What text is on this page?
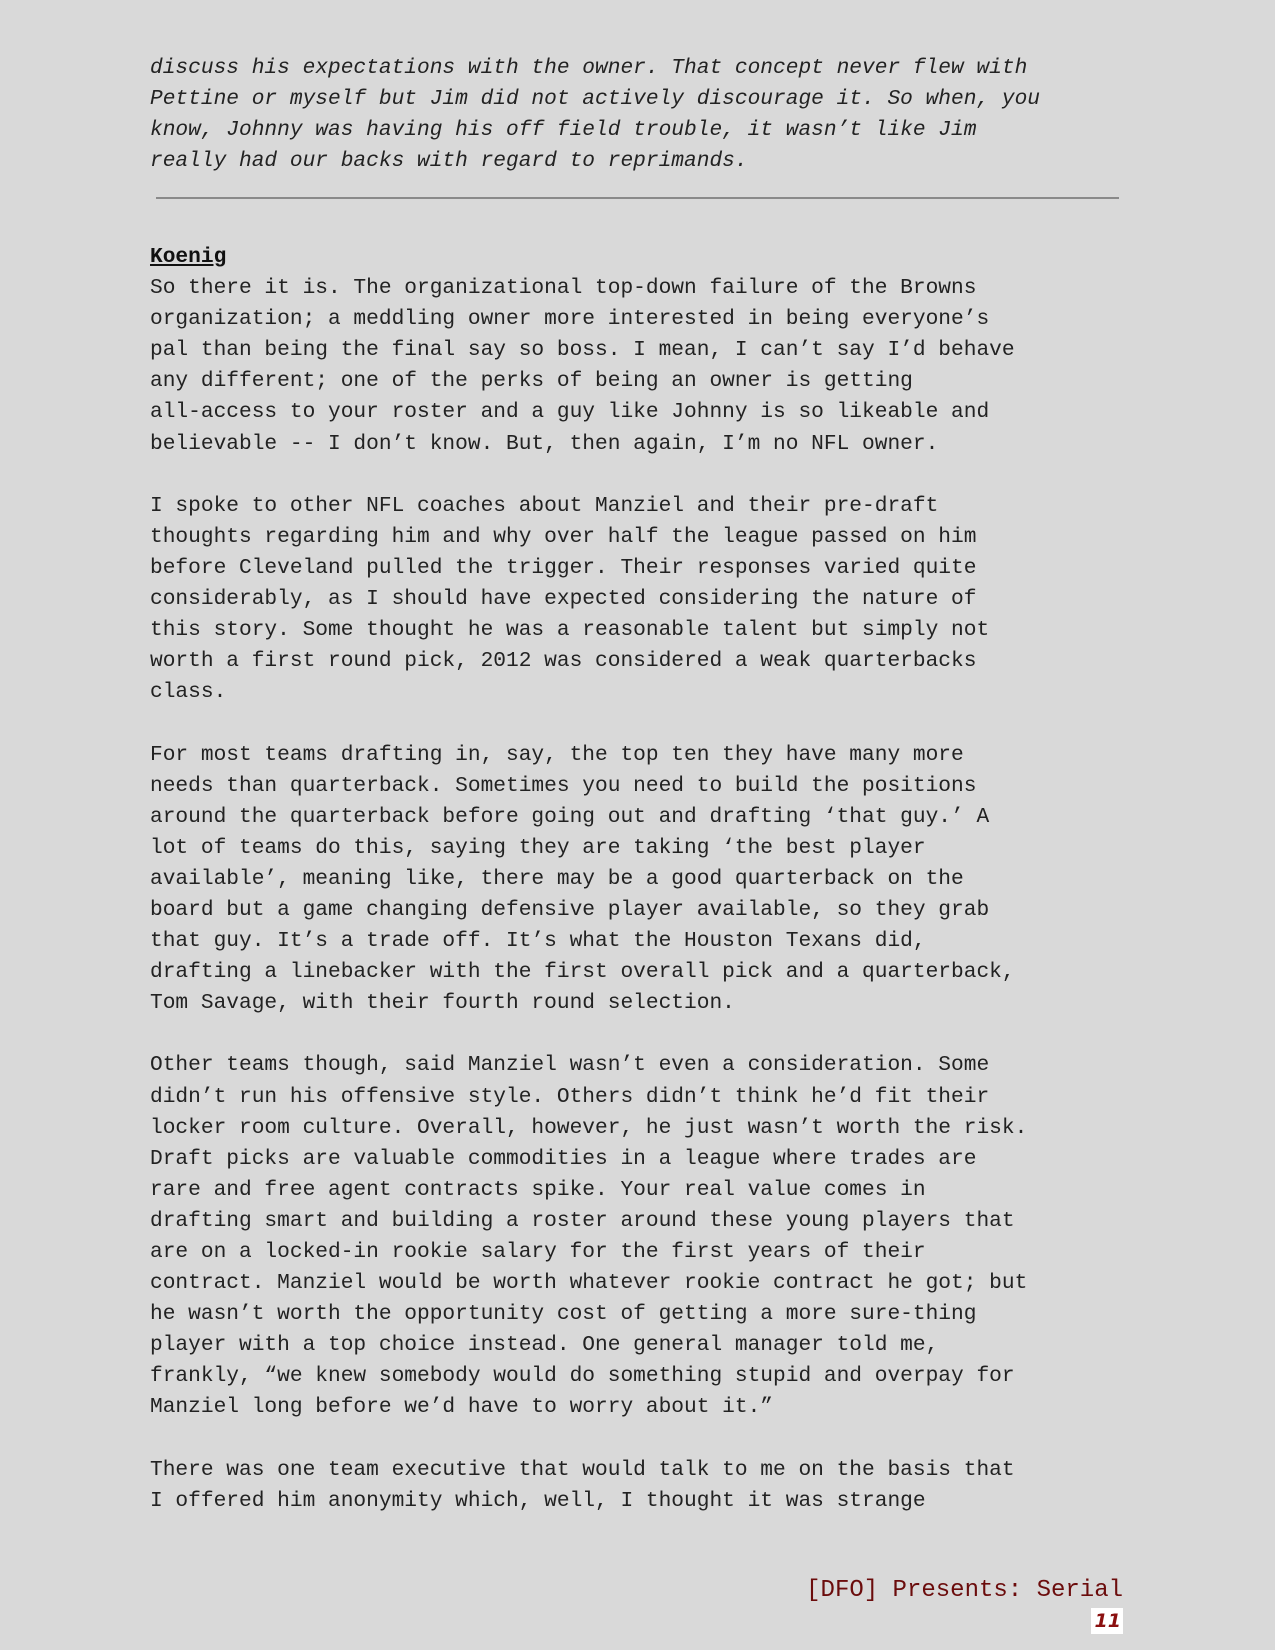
discuss his expectations with the owner. That concept never flew with
Pettine or myself but Jim did not actively discourage it. So when, you
know, Johnny was having his off field trouble, it wasn’t like Jim
really had our backs with regard to reprimands.
Koenig
So there it is. The organizational top-down failure of the Browns
organization; a meddling owner more interested in being everyone’s
pal than being the final say so boss. I mean, I can’t say I’d behave
any different; one of the perks of being an owner is getting
all-access to your roster and a guy like Johnny is so likeable and
believable -- I don’t know. But, then again, I’m no NFL owner.
I spoke to other NFL coaches about Manziel and their pre-draft
thoughts regarding him and why over half the league passed on him
before Cleveland pulled the trigger. Their responses varied quite
considerably, as I should have expected considering the nature of
this story. Some thought he was a reasonable talent but simply not
worth a first round pick, 2012 was considered a weak quarterbacks
class.
For most teams drafting in, say, the top ten they have many more
needs than quarterback. Sometimes you need to build the positions
around the quarterback before going out and drafting ‘that guy.’ A
lot of teams do this, saying they are taking ‘the best player
available’, meaning like, there may be a good quarterback on the
board but a game changing defensive player available, so they grab
that guy. It’s a trade off. It’s what the Houston Texans did,
drafting a linebacker with the first overall pick and a quarterback,
Tom Savage, with their fourth round selection.
Other teams though, said Manziel wasn’t even a consideration. Some
didn’t run his offensive style. Others didn’t think he’d fit their
locker room culture. Overall, however, he just wasn’t worth the risk.
Draft picks are valuable commodities in a league where trades are
rare and free agent contracts spike. Your real value comes in
drafting smart and building a roster around these young players that
are on a locked-in rookie salary for the first years of their
contract. Manziel would be worth whatever rookie contract he got; but
he wasn’t worth the opportunity cost of getting a more sure-thing
player with a top choice instead. One general manager told me,
frankly, “we knew somebody would do something stupid and overpay for
Manziel long before we’d have to worry about it.”
There was one team executive that would talk to me on the basis that
I offered him anonymity which, well, I thought it was strange
[DFO] Presents: Serial
11
